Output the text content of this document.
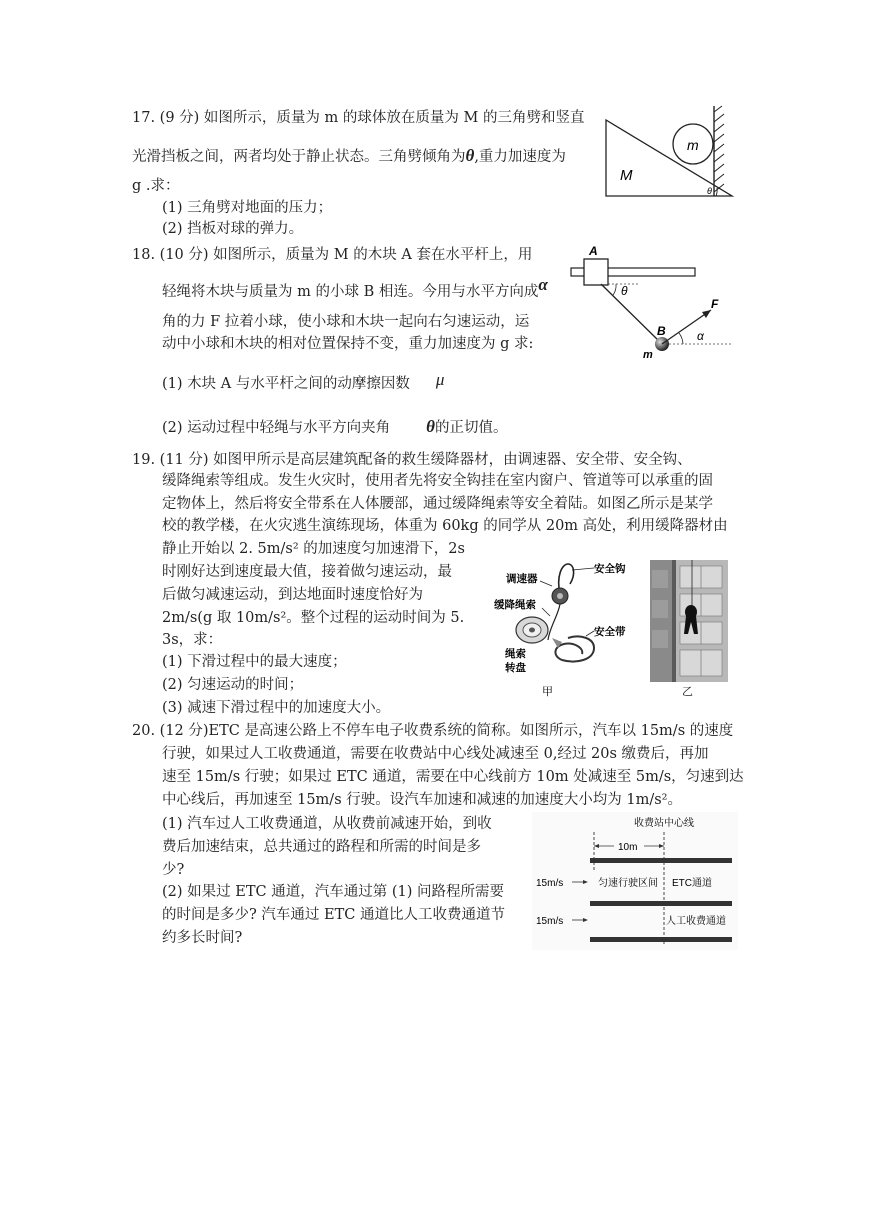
17. (9 分) 如图所示，质量为 m 的球体放在质量为 M 的三角劈和竖直
光滑挡板之间，两者均处于静止状态。三角劈倾角为θ,重力加速度为
g .求：
(1) 三角劈对地面的压力；
(2) 挡板对球的弹力。
m
M
θ
18. (10 分) 如图所示，质量为 M 的木块 A 套在水平杆上，用
轻绳将木块与质量为 m 的小球 B 相连。今用与水平方向成α
角的力 F 拉着小球，使小球和木块一起向右匀速运动，运
动中小球和木块的相对位置保持不变，重力加速度为 g 求:
(1) 木块 A 与水平杆之间的动摩擦因数 μ
(2) 运动过程中轻绳与水平方向夹角 θ的正切值。
A
θ
B
m
F
α
19. (11 分) 如图甲所示是高层建筑配备的救生缓降器材，由调速器、安全带、安全钩、
缓降绳索等组成。发生火灾时，使用者先将安全钩挂在室内窗户、管道等可以承重的固
定物体上，然后将安全带系在人体腰部，通过缓降绳索等安全着陆。如图乙所示是某学
校的教学楼，在火灾逃生演练现场，体重为 60kg 的同学从 20m 高处，利用缓降器材由
静止开始以 2. 5m/s² 的加速度匀加速滑下，2s
时刚好达到速度最大值，接着做匀速运动，最
后做匀减速运动，到达地面时速度恰好为
2m/s(g 取 10m/s²。整个过程的运动时间为 5.
3s，求：
(1) 下滑过程中的最大速度；
(2) 匀速运动的时间；
(3) 减速下滑过程中的加速度大小。
安全钩
调速器
缓降绳索
安全带
绳索
转盘
甲	乙
20. (12 分)ETC 是高速公路上不停车电子收费系统的简称。如图所示，汽车以 15m/s 的速度
行驶，如果过人工收费通道，需要在收费站中心线处减速至 0,经过 20s 缴费后，再加
速至 15m/s 行驶；如果过 ETC 通道，需要在中心线前方 10m 处减速至 5m/s，匀速到达
中心线后，再加速至 15m/s 行驶。设汽车加速和减速的加速度大小均为 1m/s²。
(1) 汽车过人工收费通道，从收费前减速开始，到收
费后加速结束，总共通过的路程和所需的时间是多
少?
(2) 如果过 ETC 通道，汽车通过第 (1) 问路程所需要
的时间是多少? 汽车通过 ETC 通道比人工收费通道节
约多长时间?
收费站中心线
10m
15m/s	匀速行驶区间 ETC通道
15m/s	人工收费通道
